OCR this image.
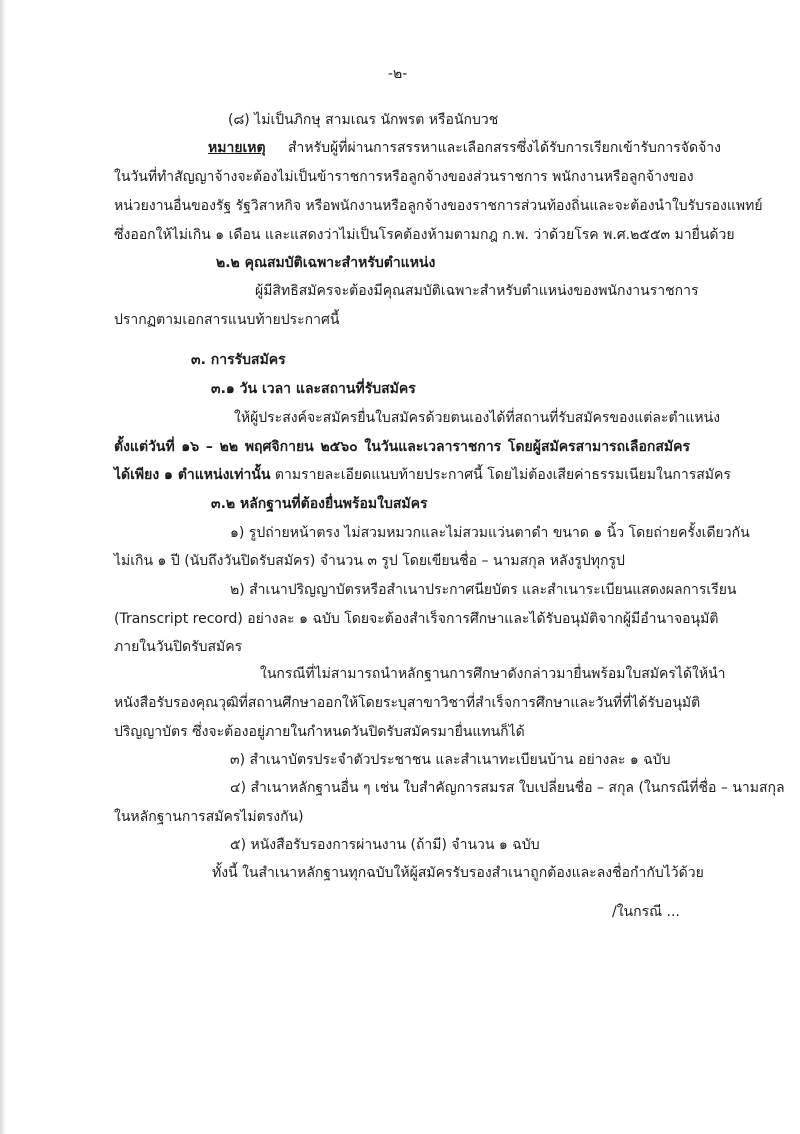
-๒-
(๘) ไม่เป็นภิกษุ สามเณร นักพรต หรือนักบวช
หมายเหตุ สำหรับผู้ที่ผ่านการสรรหาและเลือกสรรซึ่งได้รับการเรียกเข้ารับการจัดจ้าง
ในวันที่ทำสัญญาจ้างจะต้องไม่เป็นข้าราชการหรือลูกจ้างของส่วนราชการ พนักงานหรือลูกจ้างของ
หน่วยงานอื่นของรัฐ รัฐวิสาหกิจ หรือพนักงานหรือลูกจ้างของราชการส่วนท้องถิ่นและจะต้องนำใบรับรองแพทย์
ซึ่งออกให้ไม่เกิน ๑ เดือน และแสดงว่าไม่เป็นโรคต้องห้ามตามกฎ ก.พ. ว่าด้วยโรค พ.ศ.๒๕๕๓ มายื่นด้วย
๒.๒ คุณสมบัติเฉพาะสำหรับตำแหน่ง
ผู้มีสิทธิสมัครจะต้องมีคุณสมบัติเฉพาะสำหรับตำแหน่งของพนักงานราชการ
ปรากฏตามเอกสารแนบท้ายประกาศนี้
๓. การรับสมัคร
๓.๑ วัน เวลา และสถานที่รับสมัคร
ให้ผู้ประสงค์จะสมัครยื่นใบสมัครด้วยตนเองได้ที่สถานที่รับสมัครของแต่ละตำแหน่ง
ตั้งแต่วันที่ ๑๖ – ๒๒ พฤศจิกายน ๒๕๖๐ ในวันและเวลาราชการ โดยผู้สมัครสามารถเลือกสมัคร
ได้เพียง ๑ ตำแหน่งเท่านั้น ตามรายละเอียดแนบท้ายประกาศนี้ โดยไม่ต้องเสียค่าธรรมเนียมในการสมัคร
๓.๒ หลักฐานที่ต้องยื่นพร้อมใบสมัคร
๑) รูปถ่ายหน้าตรง ไม่สวมหมวกและไม่สวมแว่นตาดำ ขนาด ๑ นิ้ว โดยถ่ายครั้งเดียวกัน
ไม่เกิน ๑ ปี (นับถึงวันปิดรับสมัคร) จำนวน ๓ รูป โดยเขียนชื่อ – นามสกุล หลังรูปทุกรูป
๒) สำเนาปริญญาบัตรหรือสำเนาประกาศนียบัตร และสำเนาระเบียนแสดงผลการเรียน
(Transcript record) อย่างละ ๑ ฉบับ โดยจะต้องสำเร็จการศึกษาและได้รับอนุมัติจากผู้มีอำนาจอนุมัติ
ภายในวันปิดรับสมัคร
ในกรณีที่ไม่สามารถนำหลักฐานการศึกษาดังกล่าวมายื่นพร้อมใบสมัครได้ให้นำ
หนังสือรับรองคุณวุฒิที่สถานศึกษาออกให้โดยระบุสาขาวิชาที่สำเร็จการศึกษาและวันที่ที่ได้รับอนุมัติ
ปริญญาบัตร ซึ่งจะต้องอยู่ภายในกำหนดวันปิดรับสมัครมายื่นแทนก็ได้
๓) สำเนาบัตรประจำตัวประชาชน และสำเนาทะเบียนบ้าน อย่างละ ๑ ฉบับ
๔) สำเนาหลักฐานอื่น ๆ เช่น ใบสำคัญการสมรส ใบเปลี่ยนชื่อ – สกุล (ในกรณีที่ชื่อ – นามสกุล
ในหลักฐานการสมัครไม่ตรงกัน)
๕) หนังสือรับรองการผ่านงาน (ถ้ามี) จำนวน ๑ ฉบับ
ทั้งนี้ ในสำเนาหลักฐานทุกฉบับให้ผู้สมัครรับรองสำเนาถูกต้องและลงชื่อกำกับไว้ด้วย
/ในกรณี ...
